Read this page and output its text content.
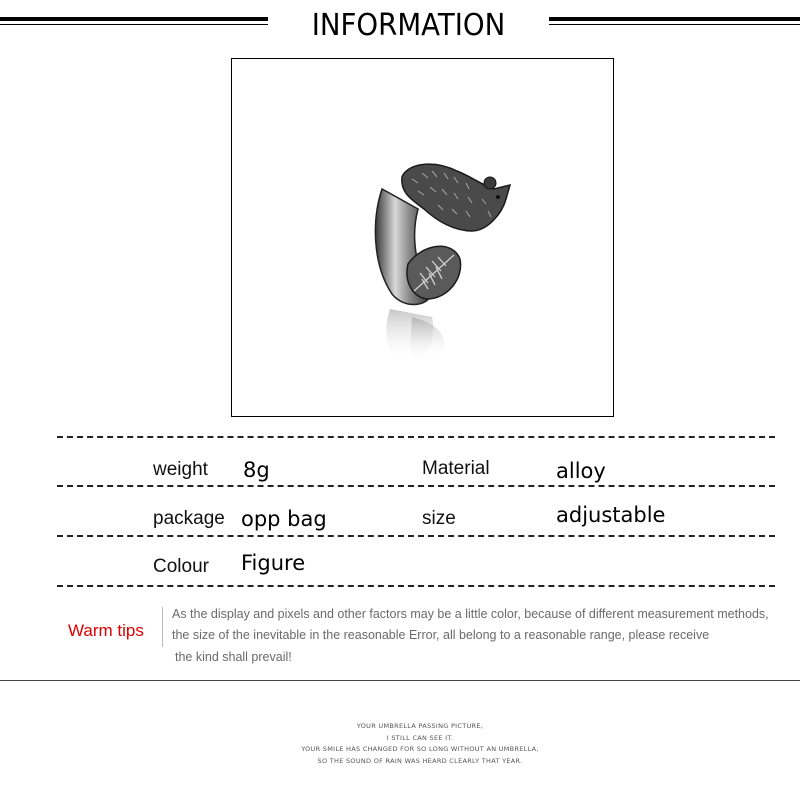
INFORMATION
weight 8g	Material	alloy
package opp bag	size	adjustable
Colour Figure
Warm tips
As the display and pixels and other factors may be a little color, because of different measurement methods,
the size of the inevitable in the reasonable Error, all belong to a reasonable range, please receive
the kind shall prevail!
YOUR UMBRELLA PASSING PICTURE,
I STILL CAN SEE IT.
YOUR SMILE HAS CHANGED FOR SO LONG WITHOUT AN UMBRELLA,
SO THE SOUND OF RAIN WAS HEARD CLEARLY THAT YEAR.
